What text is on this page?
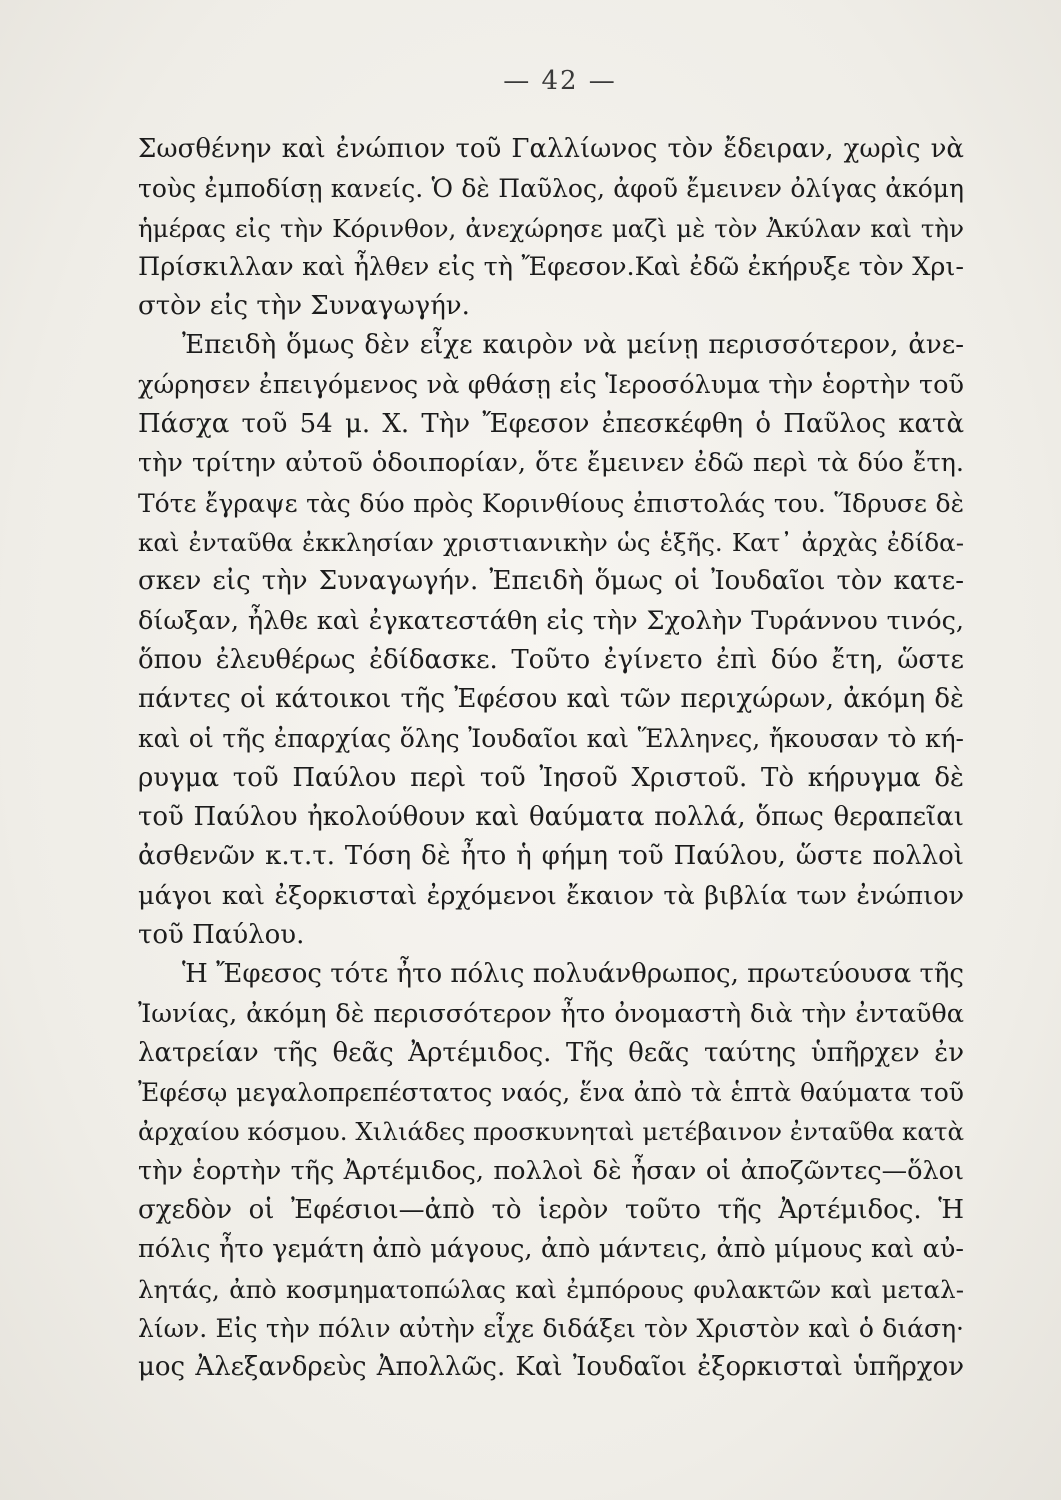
— 42 —
Σωσθένην καὶ ἐνώπιον τοῦ Γαλλίωνος τὸν ἔδειραν, χωρὶς νὰ
τοὺς ἐμποδίσῃ κανείς. Ὁ δὲ Παῦλος, ἀφοῦ ἔμεινεν ὀλίγας ἀκόμη
ἡμέρας εἰς τὴν Κόρινθον, ἀνεχώρησε μαζὶ μὲ τὸν Ἀκύλαν καὶ τὴν
Πρίσκιλλαν καὶ ἦλθεν εἰς τὴ Ἔφεσον.Καὶ ἐδῶ ἐκήρυξε τὸν Χρι-
στὸν εἰς τὴν Συναγωγήν.
Ἐπειδὴ ὅμως δὲν εἶχε καιρὸν νὰ μείνῃ περισσότερον, ἀνε-
χώρησεν ἐπειγόμενος νὰ φθάσῃ εἰς Ἱεροσόλυμα τὴν ἑορτὴν τοῦ
Πάσχα τοῦ 54 μ. Χ. Τὴν Ἔφεσον ἐπεσκέφθη ὁ Παῦλος κατὰ
τὴν τρίτην αὐτοῦ ὁδοιπορίαν, ὅτε ἔμεινεν ἐδῶ περὶ τὰ δύο ἔτη.
Τότε ἔγραψε τὰς δύο πρὸς Κορινθίους ἐπιστολάς του. Ἵδρυσε δὲ
καὶ ἐνταῦθα ἐκκλησίαν χριστιανικὴν ὡς ἑξῆς. Κατ᾽ ἀρχὰς ἐδίδα-
σκεν εἰς τὴν Συναγωγήν. Ἐπειδὴ ὅμως οἱ Ἰουδαῖοι τὸν κατε-
δίωξαν, ἦλθε καὶ ἐγκατεστάθη εἰς τὴν Σχολὴν Τυράννου τινός,
ὅπου ἐλευθέρως ἐδίδασκε. Τοῦτο ἐγίνετο ἐπὶ δύο ἔτη, ὥστε
πάντες οἱ κάτοικοι τῆς Ἐφέσου καὶ τῶν περιχώρων, ἀκόμη δὲ
καὶ οἱ τῆς ἐπαρχίας ὅλης Ἰουδαῖοι καὶ Ἕλληνες, ἤκουσαν τὸ κή-
ρυγμα τοῦ Παύλου περὶ τοῦ Ἰησοῦ Χριστοῦ. Τὸ κήρυγμα δὲ
τοῦ Παύλου ἠκολούθουν καὶ θαύματα πολλά, ὅπως θεραπεῖαι
ἀσθενῶν κ.τ.τ. Τόση δὲ ἦτο ἡ φήμη τοῦ Παύλου, ὥστε πολλοὶ
μάγοι καὶ ἐξορκισταὶ ἐρχόμενοι ἔκαιον τὰ βιβλία των ἐνώπιον
τοῦ Παύλου.
Ἡ Ἔφεσος τότε ἦτο πόλις πολυάνθρωπος, πρωτεύουσα τῆς
Ἰωνίας, ἀκόμη δὲ περισσότερον ἦτο ὀνομαστὴ διὰ τὴν ἐνταῦθα
λατρείαν τῆς θεᾶς Ἀρτέμιδος. Τῆς θεᾶς ταύτης ὑπῆρχεν ἐν
Ἐφέσῳ μεγαλοπρεπέστατος ναός, ἕνα ἀπὸ τὰ ἑπτὰ θαύματα τοῦ
ἀρχαίου κόσμου. Χιλιάδες προσκυνηταὶ μετέβαινον ἐνταῦθα κατὰ
τὴν ἑορτὴν τῆς Ἀρτέμιδος, πολλοὶ δὲ ἦσαν οἱ ἀποζῶντες—ὅλοι
σχεδὸν οἱ Ἐφέσιοι—ἀπὸ τὸ ἱερὸν τοῦτο τῆς Ἀρτέμιδος. Ἡ
πόλις ἦτο γεμάτη ἀπὸ μάγους, ἀπὸ μάντεις, ἀπὸ μίμους καὶ αὐ-
λητάς, ἀπὸ κοσμηματοπώλας καὶ ἐμπόρους φυλακτῶν καὶ μεταλ-
λίων. Εἰς τὴν πόλιν αὐτὴν εἶχε διδάξει τὸν Χριστὸν καὶ ὁ διάση·
μος Ἀλεξανδρεὺς Ἀπολλῶς. Καὶ Ἰουδαῖοι ἐξορκισταὶ ὑπῆρχον
